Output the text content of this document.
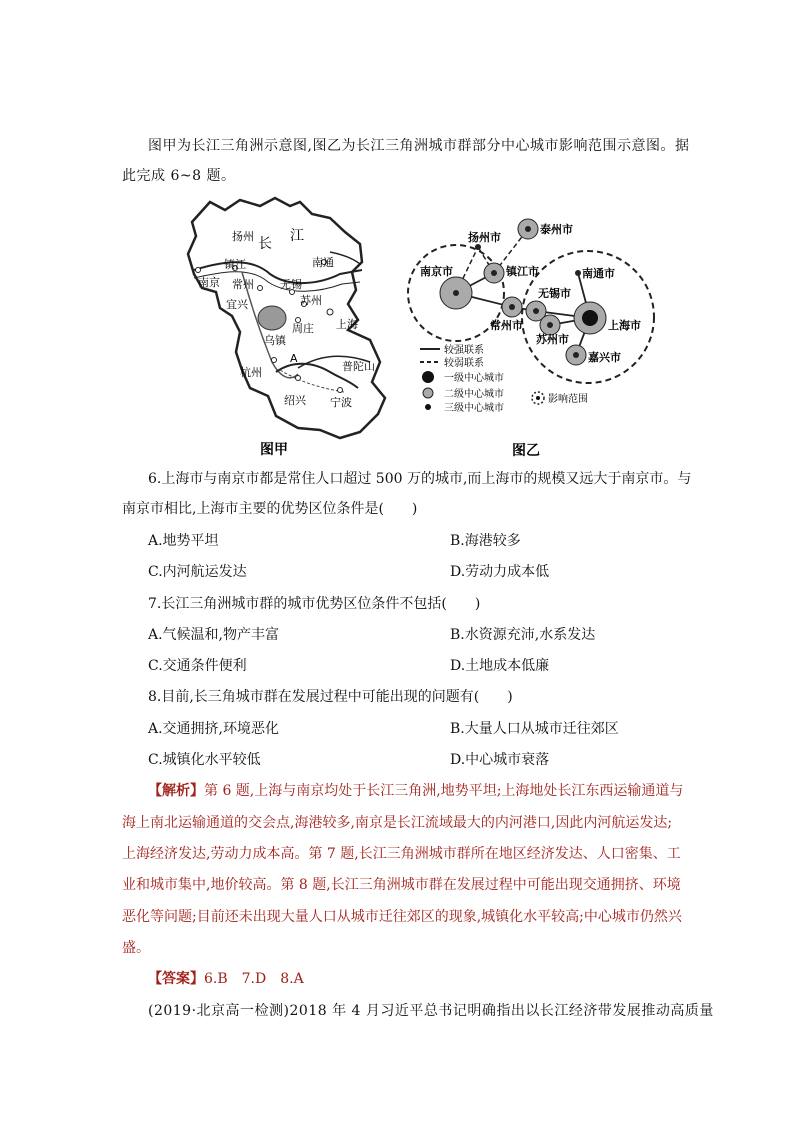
图甲为长江三角洲示意图,图乙为长江三角洲城市群部分中心城市影响范围示意图。据
此完成 6~8 题。
扬州 长 江
南通
南京
镇江
常州 无锡
宜兴	苏州
周庄 上海
乌镇
A
普陀山
杭州
绍兴 宁波
图甲
扬州市
泰州市
南京市	镇江市	南通市
无锡市
常州市
苏州市
上海市
嘉兴市
较强联系
较弱联系
一级中心城市
二级中心城市
三级中心城市
影响范围
图乙
6.上海市与南京市都是常住人口超过 500 万的城市,而上海市的规模又远大于南京市。与
南京市相比,上海市主要的优势区位条件是(　　)
A.地势平坦	B.海港较多
C.内河航运发达	D.劳动力成本低
7.长江三角洲城市群的城市优势区位条件不包括(　　)
A.气候温和,物产丰富	B.水资源充沛,水系发达
C.交通条件便利	D.土地成本低廉
8.目前,长三角城市群在发展过程中可能出现的问题有(　　)
A.交通拥挤,环境恶化	B.大量人口从城市迁往郊区
C.城镇化水平较低	D.中心城市衰落
【解析】第 6 题,上海与南京均处于长江三角洲,地势平坦;上海地处长江东西运输通道与
海上南北运输通道的交会点,海港较多,南京是长江流域最大的内河港口,因此内河航运发达;
上海经济发达,劳动力成本高。第 7 题,长江三角洲城市群所在地区经济发达、人口密集、工
业和城市集中,地价较高。第 8 题,长江三角洲城市群在发展过程中可能出现交通拥挤、环境
恶化等问题;目前还未出现大量人口从城市迁往郊区的现象,城镇化水平较高;中心城市仍然兴
盛。
【答案】6.B　7.D　8.A
(2019·北京高一检测)2018 年 4 月习近平总书记明确指出以长江经济带发展推动高质量
